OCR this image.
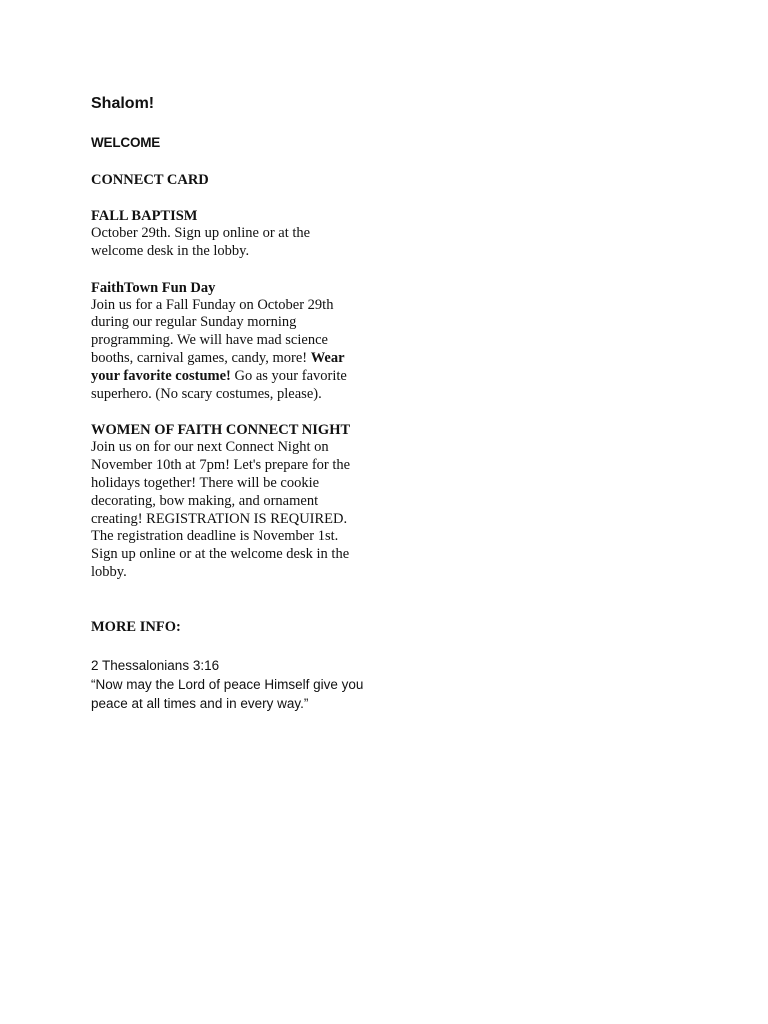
Shalom!

WELCOME

CONNECT CARD

FALL BAPTISM

October 29th. Sign up online or at the welcome desk in the lobby.

FaithTown Fun Day

Join us for a Fall Funday on October 29th during our regular Sunday morning programming. We will have mad science booths, carnival games, candy, more! Wear your favorite costume! Go as your favorite superhero. (No scary costumes, please).

WOMEN OF FAITH CONNECT NIGHT

Join us on for our next Connect Night on November 10th at 7pm! Let's prepare for the holidays together! There will be cookie decorating, bow making, and ornament creating! REGISTRATION IS REQUIRED. The registration deadline is November 1st. Sign up online or at the welcome desk in the lobby.

MORE INFO:

2 Thessalonians 3:16

“Now may the Lord of peace Himself give you peace at all times and in every way.”
